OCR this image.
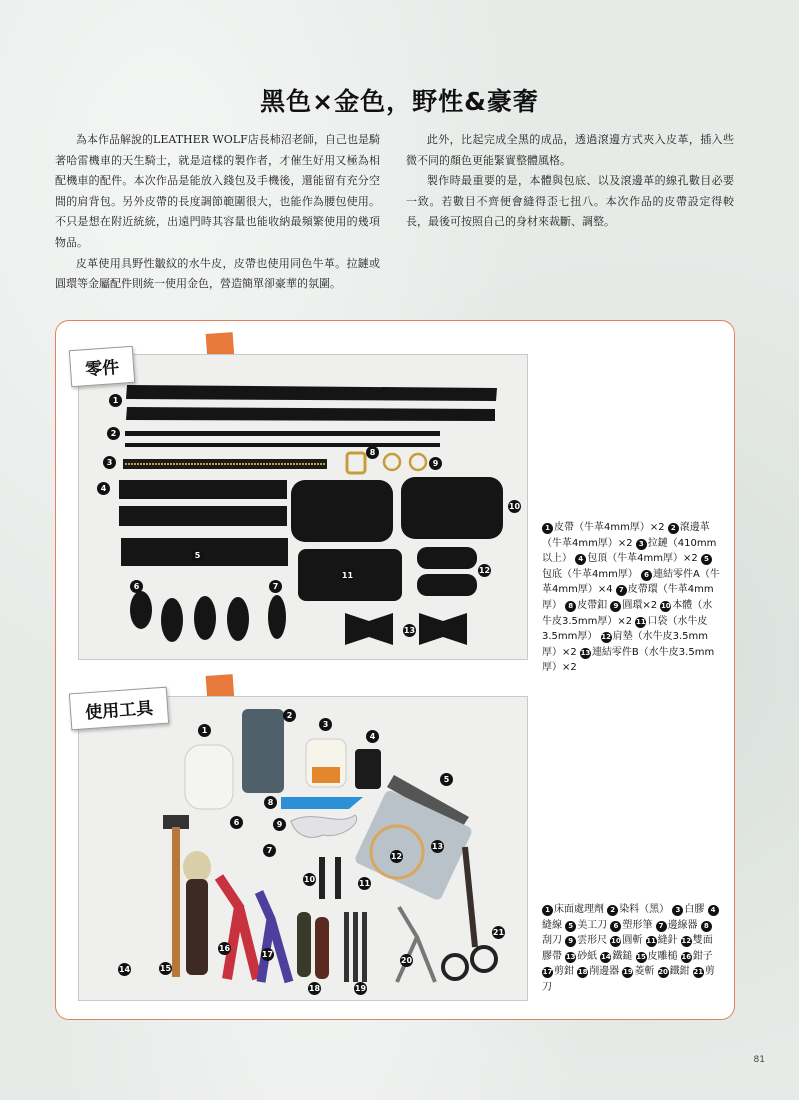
黑色×金色，野性&豪奢

為本作品解說的LEATHER WOLF店長柿沼老師，自己也是騎著哈雷機車的天生騎士，就是這樣的製作者，才催生好用又極為相配機車的配件。本次作品是能放入錢包及手機後，還能留有充分空間的肩背包。另外皮帶的長度調節範圍很大，也能作為腰包使用。不只是想在附近統統，出遠門時其容量也能收納最頻繁使用的幾項物品。

皮革使用具野性皺紋的水牛皮，皮帶也使用同色牛革。拉鏈或圓環等金屬配件則統一使用金色，營造簡單卻豪華的氛圍。

此外，比起完成全黑的成品，透過滾邊方式夾入皮革，插入些微不同的顏色更能緊實整體風格。

製作時最重要的是，本體與包底、以及滾邊革的線孔數目必要一致。若數目不齊便會縫得歪七扭八。本次作品的皮帶設定得較長，最後可按照自己的身材來裁斷、調整。

零件
1
2
3
4
5
6	7
8
9
10
11
12
13
1 皮帶（牛革4mm厚）×2 2 滾邊革（牛革4mm厚）×2 3 拉鏈（410mm以上） 4 包頂（牛革4mm厚）×2 5包底（牛革4mm厚） 6 連結零件A（牛革4mm厚）×4 7 皮帶環（牛革4mm厚） 8 皮帶釦 9 圓環×2 10 本體（水牛皮3.5mm厚）×2 11 口袋（水牛皮3.5mm厚） 12 肩墊（水牛皮3.5mm厚）×2 13 連結零件B（水牛皮3.5mm厚）×2
使用工具
1
2
3
4
5
6
7
8
9
10	11
12
13
14	15
16
17
18	19
20
21
1 床面處理劑 2 染料（黑） 3 白膠 4縫線 5 美工刀 6 塑形筆 7 邊線器 8刮刀 9 雲形尺 10 圓斬 11 縫針 12 雙面膠帶 13 砂紙 14 鐵鎚 15 皮雕槌 16 鉗子 17 剪鉗 18 削邊器 19 菱斬 20 鐵鉗 21 剪刀
81
